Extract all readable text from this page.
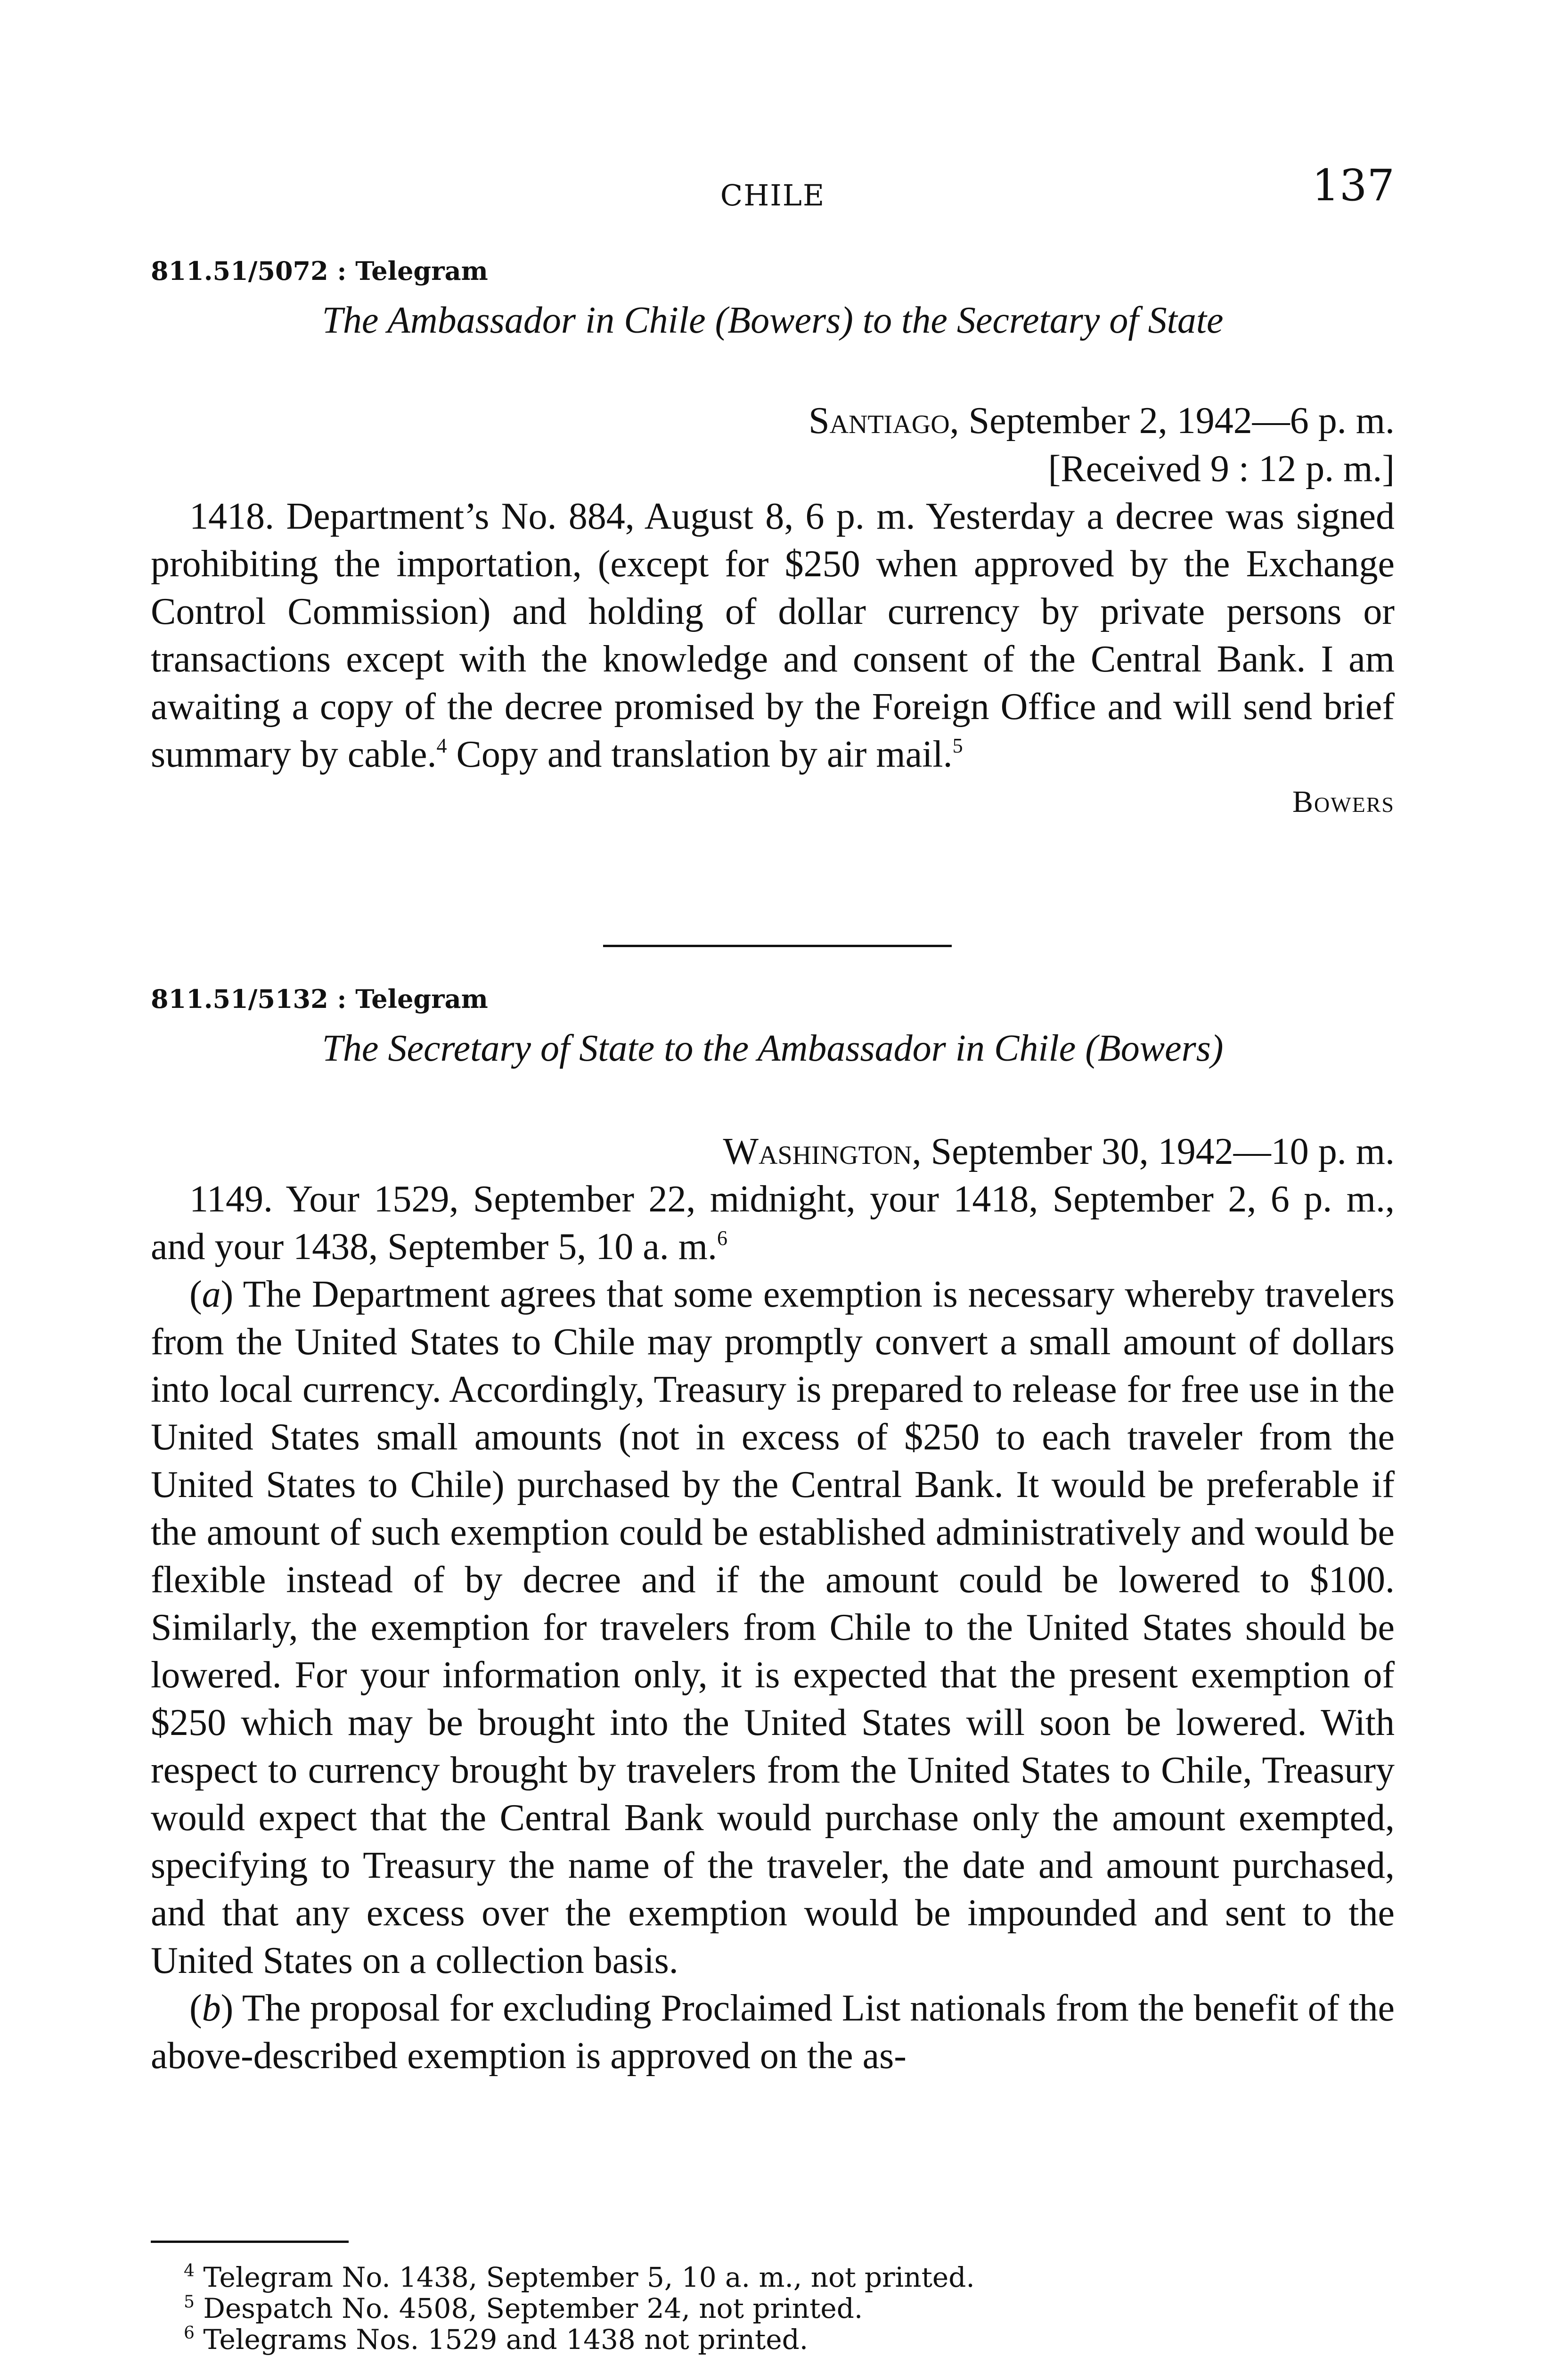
CHILE	137
811.51/5072 : Telegram
The Ambassador in Chile (Bowers) to the Secretary of State
Santiago, September 2, 1942—6 p. m.
[Received 9 : 12 p. m.]

1418. Department’s No. 884, August 8, 6 p. m. Yesterday a decree was signed prohibiting the importation, (except for $250 when approved by the Exchange Control Commission) and holding of dollar currency by private persons or transactions except with the knowledge and consent of the Central Bank. I am awaiting a copy of the decree promised by the Foreign Office and will send brief summary by cable.$^4$ Copy and translation by air mail.$^5$

Bowers
811.51/5132 : Telegram
The Secretary of State to the Ambassador in Chile (Bowers)
Washington, September 30, 1942—10 p. m.

1149. Your 1529, September 22, midnight, your 1418, September 2, 6 p. m., and your 1438, September 5, 10 a. m.$^6$

(a) The Department agrees that some exemption is necessary whereby travelers from the United States to Chile may promptly convert a small amount of dollars into local currency. Accordingly, Treasury is prepared to release for free use in the United States small amounts (not in excess of $250 to each traveler from the United States to Chile) purchased by the Central Bank. It would be preferable if the amount of such exemption could be established administratively and would be flexible instead of by decree and if the amount could be lowered to $100. Similarly, the exemption for travelers from Chile to the United States should be lowered. For your information only, it is expected that the present exemption of $250 which may be brought into the United States will soon be lowered. With respect to currency brought by travelers from the United States to Chile, Treasury would expect that the Central Bank would purchase only the amount exempted, specifying to Treasury the name of the traveler, the date and amount purchased, and that any excess over the exemption would be impounded and sent to the United States on a collection basis.

(b) The proposal for excluding Proclaimed List nationals from the benefit of the above-described exemption is approved on the as-

$^4$ Telegram No. 1438, September 5, 10 a. m., not printed.
$^5$ Despatch No. 4508, September 24, not printed.
$^6$ Telegrams Nos. 1529 and 1438 not printed.
